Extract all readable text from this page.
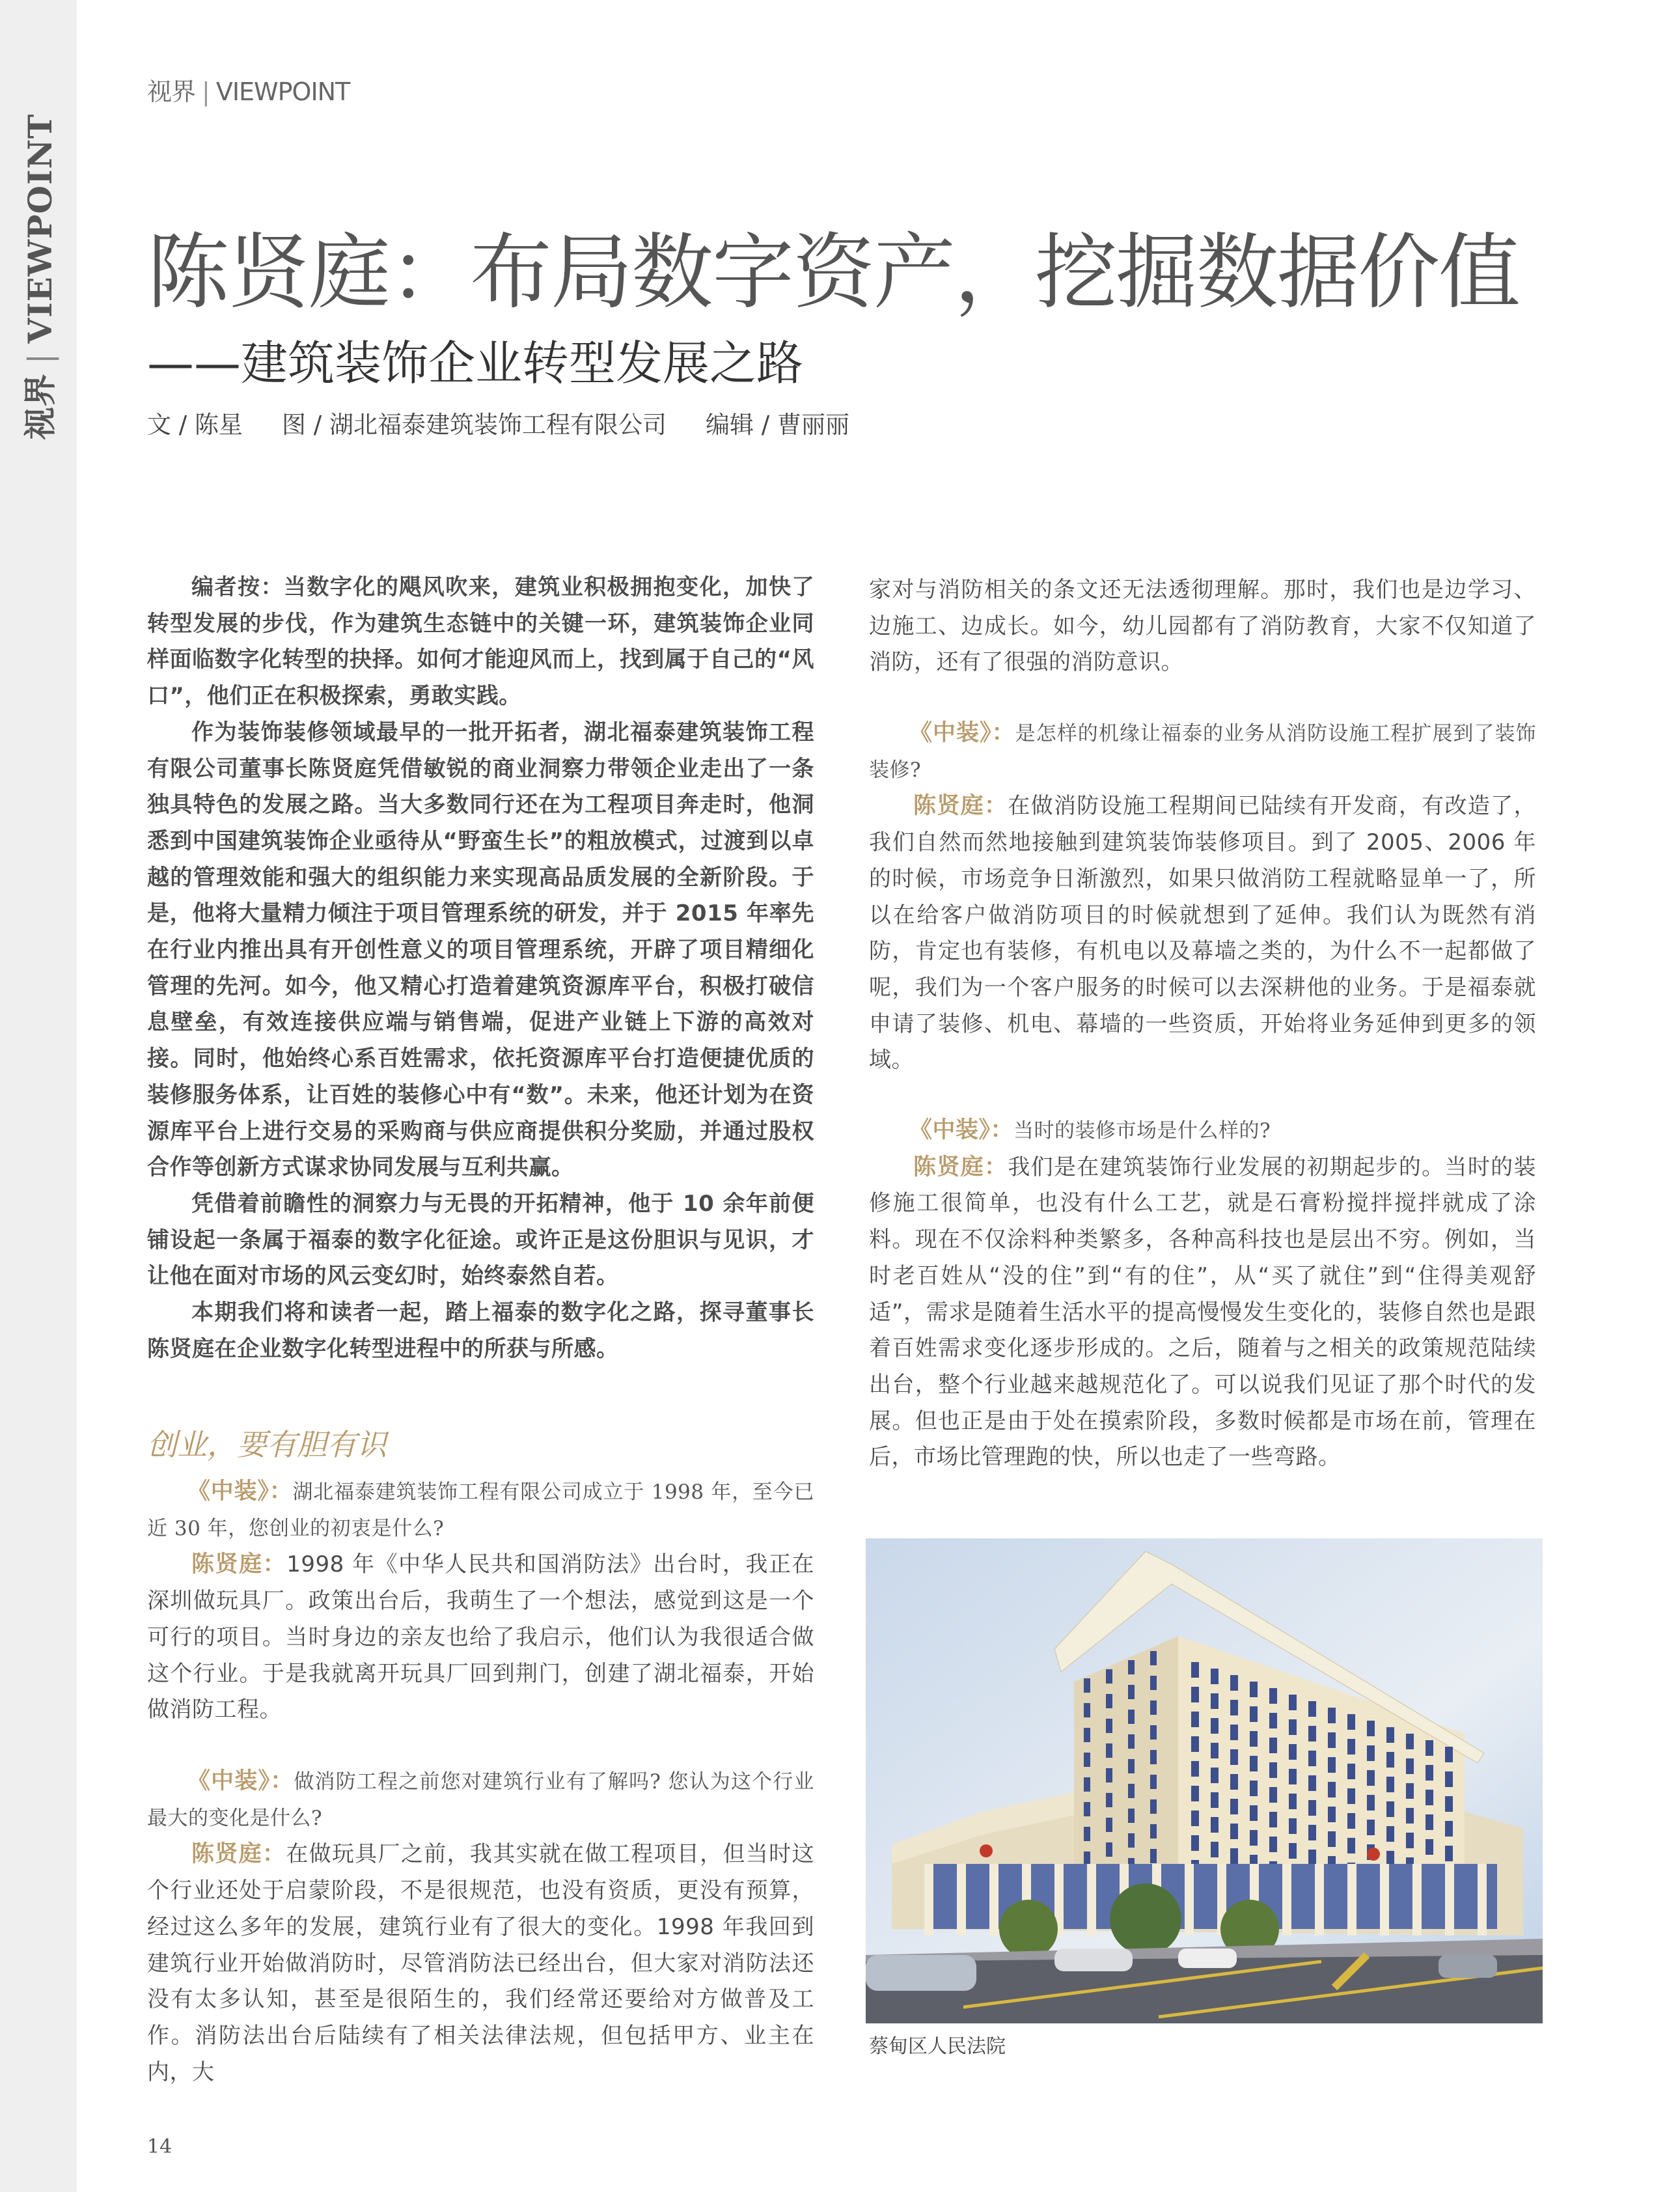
视界|VIEWPOINT
视界 | VIEWPOINT
陈贤庭：布局数字资产，挖掘数据价值
——建筑装饰企业转型发展之路
文 / 陈星 图 / 湖北福泰建筑装饰工程有限公司 编辑 / 曹丽丽

编者按：当数字化的飓风吹来，建筑业积极拥抱变化，加快了转型发展的步伐，作为建筑生态链中的关键一环，建筑装饰企业同样面临数字化转型的抉择。如何才能迎风而上，找到属于自己的“风口”，他们正在积极探索，勇敢实践。

作为装饰装修领域最早的一批开拓者，湖北福泰建筑装饰工程有限公司董事长陈贤庭凭借敏锐的商业洞察力带领企业走出了一条独具特色的发展之路。当大多数同行还在为工程项目奔走时，他洞悉到中国建筑装饰企业亟待从“野蛮生长”的粗放模式，过渡到以卓越的管理效能和强大的组织能力来实现高品质发展的全新阶段。于是，他将大量精力倾注于项目管理系统的研发，并于 2015 年率先在行业内推出具有开创性意义的项目管理系统，开辟了项目精细化管理的先河。如今，他又精心打造着建筑资源库平台，积极打破信息壁垒，有效连接供应端与销售端，促进产业链上下游的高效对接。同时，他始终心系百姓需求，依托资源库平台打造便捷优质的装修服务体系，让百姓的装修心中有“数”。未来，他还计划为在资源库平台上进行交易的采购商与供应商提供积分奖励，并通过股权合作等创新方式谋求协同发展与互利共赢。

凭借着前瞻性的洞察力与无畏的开拓精神，他于 10 余年前便铺设起一条属于福泰的数字化征途。或许正是这份胆识与见识，才让他在面对市场的风云变幻时，始终泰然自若。

本期我们将和读者一起，踏上福泰的数字化之路，探寻董事长陈贤庭在企业数字化转型进程中的所获与所感。

创业，要有胆有识

《中装》：湖北福泰建筑装饰工程有限公司成立于 1998 年，至今已近 30 年，您创业的初衷是什么?

陈贤庭：1998 年《中华人民共和国消防法》出台时，我正在深圳做玩具厂。政策出台后，我萌生了一个想法，感觉到这是一个可行的项目。当时身边的亲友也给了我启示，他们认为我很适合做这个行业。于是我就离开玩具厂回到荆门，创建了湖北福泰，开始做消防工程。

《中装》：做消防工程之前您对建筑行业有了解吗? 您认为这个行业最大的变化是什么?

陈贤庭：在做玩具厂之前，我其实就在做工程项目，但当时这个行业还处于启蒙阶段，不是很规范，也没有资质，更没有预算，经过这么多年的发展，建筑行业有了很大的变化。1998 年我回到建筑行业开始做消防时，尽管消防法已经出台，但大家对消防法还没有太多认知，甚至是很陌生的，我们经常还要给对方做普及工作。消防法出台后陆续有了相关法律法规，但包括甲方、业主在内，大

家对与消防相关的条文还无法透彻理解。那时，我们也是边学习、边施工、边成长。如今，幼儿园都有了消防教育，大家不仅知道了消防，还有了很强的消防意识。

《中装》：是怎样的机缘让福泰的业务从消防设施工程扩展到了装饰装修?

陈贤庭：在做消防设施工程期间已陆续有开发商，有改造了，我们自然而然地接触到建筑装饰装修项目。到了 2005、2006 年的时候，市场竞争日渐激烈，如果只做消防工程就略显单一了，所以在给客户做消防项目的时候就想到了延伸。我们认为既然有消防，肯定也有装修，有机电以及幕墙之类的，为什么不一起都做了呢，我们为一个客户服务的时候可以去深耕他的业务。于是福泰就申请了装修、机电、幕墙的一些资质，开始将业务延伸到更多的领域。

《中装》：当时的装修市场是什么样的?

陈贤庭：我们是在建筑装饰行业发展的初期起步的。当时的装修施工很简单，也没有什么工艺，就是石膏粉搅拌搅拌就成了涂料。现在不仅涂料种类繁多，各种高科技也是层出不穷。例如，当时老百姓从“没的住”到“有的住”，从“买了就住”到“住得美观舒适”，需求是随着生活水平的提高慢慢发生变化的，装修自然也是跟着百姓需求变化逐步形成的。之后，随着与之相关的政策规范陆续出台，整个行业越来越规范化了。可以说我们见证了那个时代的发展。但也正是由于处在摸索阶段，多数时候都是市场在前，管理在后，市场比管理跑的快，所以也走了一些弯路。

蔡甸区人民法院
14
